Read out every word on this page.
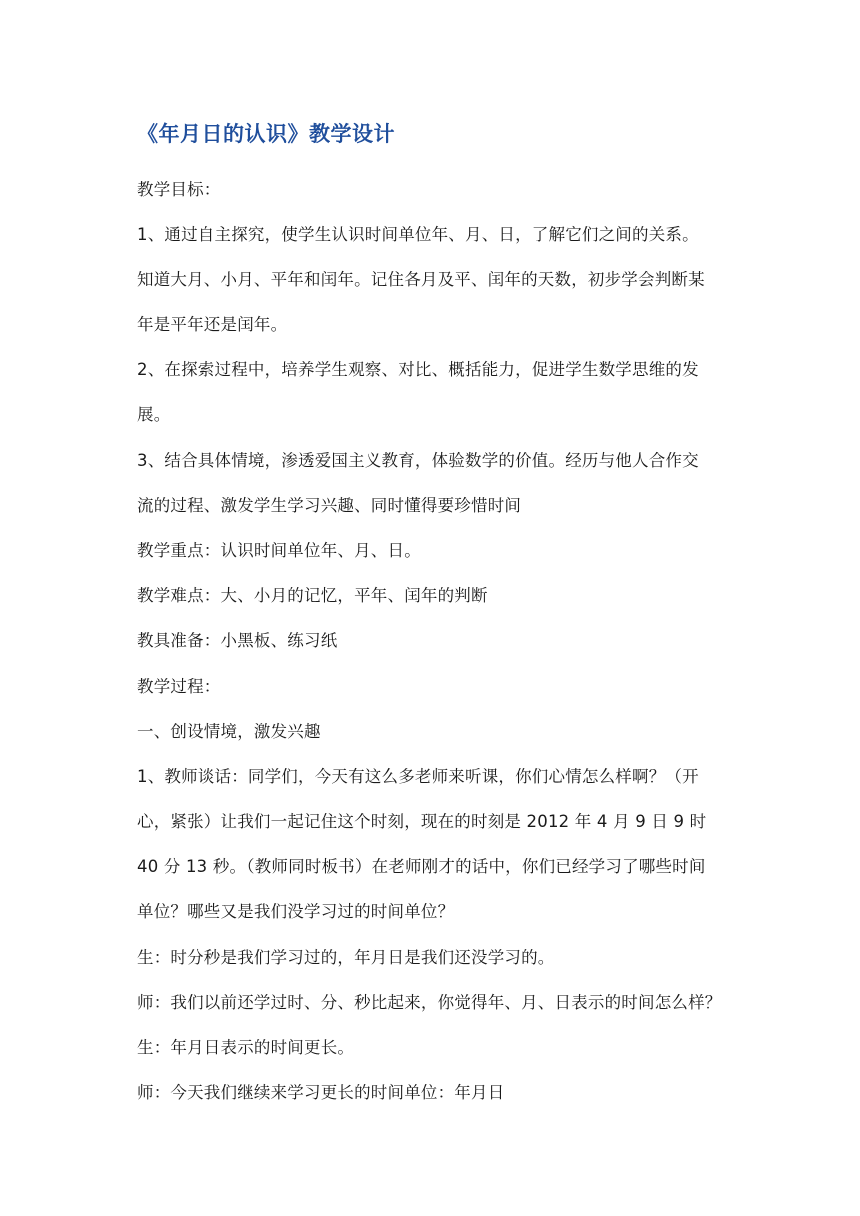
《年月日的认识》教学设计
教学目标：
1、通过自主探究，使学生认识时间单位年、月、日，了解它们之间的关系。
知道大月、小月、平年和闰年。记住各月及平、闰年的天数，初步学会判断某
年是平年还是闰年。
2、在探索过程中，培养学生观察、对比、概括能力，促进学生数学思维的发
展。
3、结合具体情境，渗透爱国主义教育，体验数学的价值。经历与他人合作交
流的过程、激发学生学习兴趣、同时懂得要珍惜时间
教学重点：认识时间单位年、月、日。
教学难点：大、小月的记忆，平年、闰年的判断
教具准备：小黑板、练习纸
教学过程：
一、创设情境，激发兴趣
1、教师谈话：同学们，今天有这么多老师来听课，你们心情怎么样啊？（开
心，紧张）让我们一起记住这个时刻，现在的时刻是 2012 年 4 月 9 日 9 时
40 分 13 秒。（教师同时板书）在老师刚才的话中，你们已经学习了哪些时间
单位？哪些又是我们没学习过的时间单位？
生：时分秒是我们学习过的，年月日是我们还没学习的。
师：我们以前还学过时、分、秒比起来，你觉得年、月、日表示的时间怎么样？
生：年月日表示的时间更长。
师：今天我们继续来学习更长的时间单位：年月日
